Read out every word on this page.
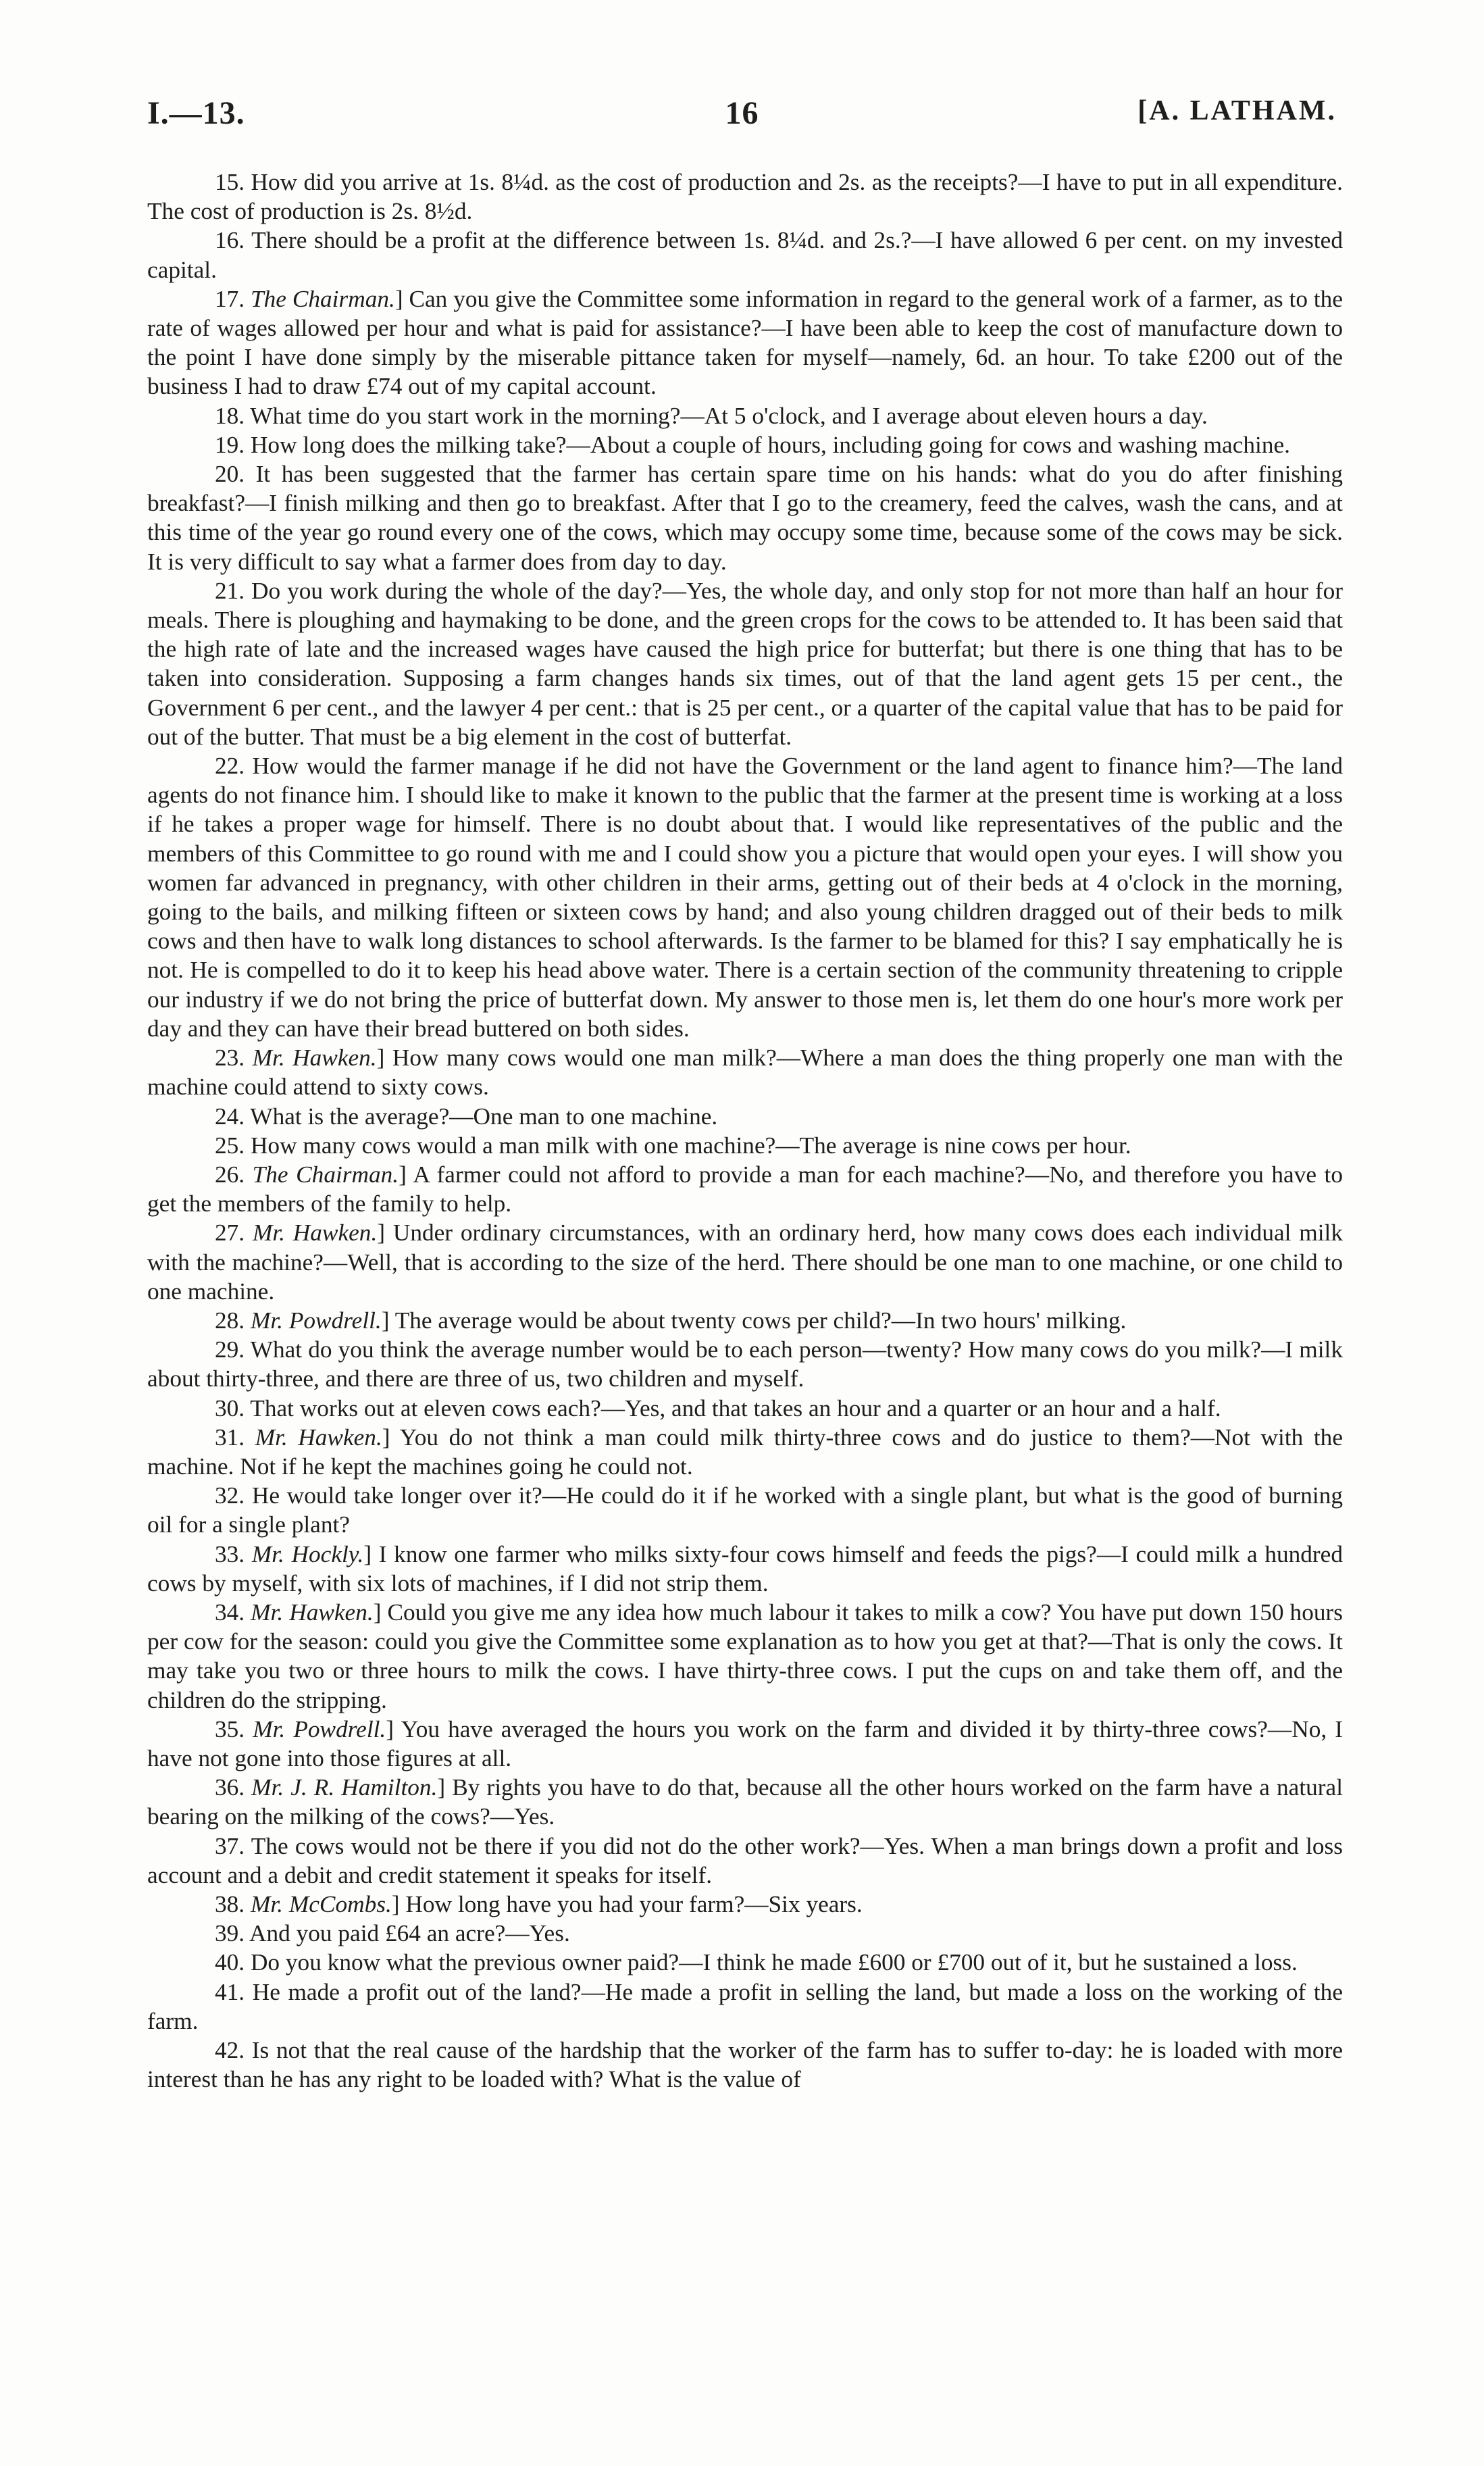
I.—13.	16	[A. LATHAM.

15. How did you arrive at 1s. 8¼d. as the cost of production and 2s. as the receipts?—I have to put in all expenditure. The cost of production is 2s. 8½d.

16. There should be a profit at the difference between 1s. 8¼d. and 2s.?—I have allowed 6 per cent. on my invested capital.

17. The Chairman.] Can you give the Committee some information in regard to the general work of a farmer, as to the rate of wages allowed per hour and what is paid for assistance?—I have been able to keep the cost of manufacture down to the point I have done simply by the miserable pittance taken for myself—namely, 6d. an hour. To take £200 out of the business I had to draw £74 out of my capital account.

18. What time do you start work in the morning?—At 5 o'clock, and I average about eleven hours a day.

19. How long does the milking take?—About a couple of hours, including going for cows and washing machine.

20. It has been suggested that the farmer has certain spare time on his hands: what do you do after finishing breakfast?—I finish milking and then go to breakfast. After that I go to the creamery, feed the calves, wash the cans, and at this time of the year go round every one of the cows, which may occupy some time, because some of the cows may be sick. It is very difficult to say what a farmer does from day to day.

21. Do you work during the whole of the day?—Yes, the whole day, and only stop for not more than half an hour for meals. There is ploughing and haymaking to be done, and the green crops for the cows to be attended to. It has been said that the high rate of late and the increased wages have caused the high price for butterfat; but there is one thing that has to be taken into consideration. Supposing a farm changes hands six times, out of that the land agent gets 15 per cent., the Government 6 per cent., and the lawyer 4 per cent.: that is 25 per cent., or a quarter of the capital value that has to be paid for out of the butter. That must be a big element in the cost of butterfat.

22. How would the farmer manage if he did not have the Government or the land agent to finance him?—The land agents do not finance him. I should like to make it known to the public that the farmer at the present time is working at a loss if he takes a proper wage for himself. There is no doubt about that. I would like representatives of the public and the members of this Committee to go round with me and I could show you a picture that would open your eyes. I will show you women far advanced in pregnancy, with other children in their arms, getting out of their beds at 4 o'clock in the morning, going to the bails, and milking fifteen or sixteen cows by hand; and also young children dragged out of their beds to milk cows and then have to walk long distances to school afterwards. Is the farmer to be blamed for this? I say emphatically he is not. He is compelled to do it to keep his head above water. There is a certain section of the community threatening to cripple our industry if we do not bring the price of butterfat down. My answer to those men is, let them do one hour's more work per day and they can have their bread buttered on both sides.

23. Mr. Hawken.] How many cows would one man milk?—Where a man does the thing properly one man with the machine could attend to sixty cows.

24. What is the average?—One man to one machine.

25. How many cows would a man milk with one machine?—The average is nine cows per hour.

26. The Chairman.] A farmer could not afford to provide a man for each machine?—No, and therefore you have to get the members of the family to help.

27. Mr. Hawken.] Under ordinary circumstances, with an ordinary herd, how many cows does each individual milk with the machine?—Well, that is according to the size of the herd. There should be one man to one machine, or one child to one machine.

28. Mr. Powdrell.] The average would be about twenty cows per child?—In two hours' milking.

29. What do you think the average number would be to each person—twenty? How many cows do you milk?—I milk about thirty-three, and there are three of us, two children and myself.

30. That works out at eleven cows each?—Yes, and that takes an hour and a quarter or an hour and a half.

31. Mr. Hawken.] You do not think a man could milk thirty-three cows and do justice to them?—Not with the machine. Not if he kept the machines going he could not.

32. He would take longer over it?—He could do it if he worked with a single plant, but what is the good of burning oil for a single plant?

33. Mr. Hockly.] I know one farmer who milks sixty-four cows himself and feeds the pigs?—I could milk a hundred cows by myself, with six lots of machines, if I did not strip them.

34. Mr. Hawken.] Could you give me any idea how much labour it takes to milk a cow? You have put down 150 hours per cow for the season: could you give the Committee some explanation as to how you get at that?—That is only the cows. It may take you two or three hours to milk the cows. I have thirty-three cows. I put the cups on and take them off, and the children do the stripping.

35. Mr. Powdrell.] You have averaged the hours you work on the farm and divided it by thirty-three cows?—No, I have not gone into those figures at all.

36. Mr. J. R. Hamilton.] By rights you have to do that, because all the other hours worked on the farm have a natural bearing on the milking of the cows?—Yes.

37. The cows would not be there if you did not do the other work?—Yes. When a man brings down a profit and loss account and a debit and credit statement it speaks for itself.

38. Mr. McCombs.] How long have you had your farm?—Six years.

39. And you paid £64 an acre?—Yes.

40. Do you know what the previous owner paid?—I think he made £600 or £700 out of it, but he sustained a loss.

41. He made a profit out of the land?—He made a profit in selling the land, but made a loss on the working of the farm.

42. Is not that the real cause of the hardship that the worker of the farm has to suffer to-day: he is loaded with more interest than he has any right to be loaded with? What is the value of
